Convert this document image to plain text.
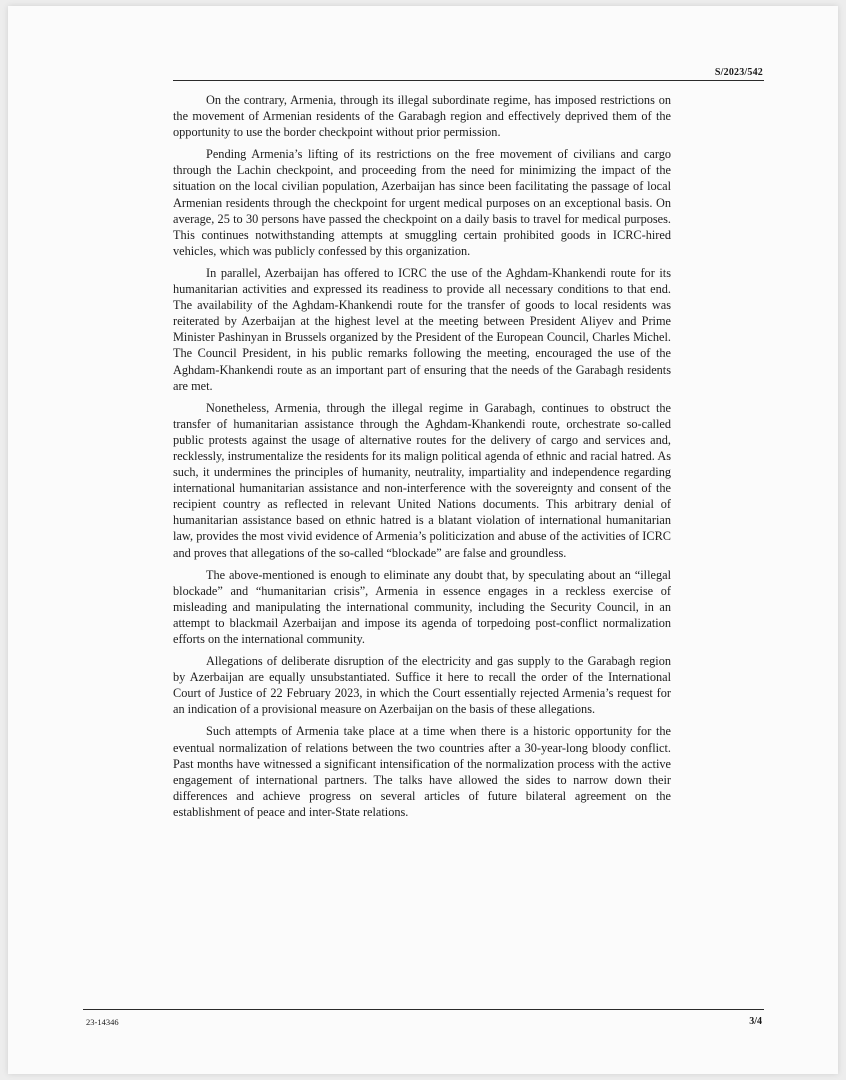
S/2023/542

On the contrary, Armenia, through its illegal subordinate regime, has imposed restrictions on the movement of Armenian residents of the Garabagh region and effectively deprived them of the opportunity to use the border checkpoint without prior permission.

Pending Armenia’s lifting of its restrictions on the free movement of civilians and cargo through the Lachin checkpoint, and proceeding from the need for minimizing the impact of the situation on the local civilian population, Azerbaijan has since been facilitating the passage of local Armenian residents through the checkpoint for urgent medical purposes on an exceptional basis. On average, 25 to 30 persons have passed the checkpoint on a daily basis to travel for medical purposes. This continues notwithstanding attempts at smuggling certain prohibited goods in ICRC-hired vehicles, which was publicly confessed by this organization.

In parallel, Azerbaijan has offered to ICRC the use of the Aghdam-Khankendi route for its humanitarian activities and expressed its readiness to provide all necessary conditions to that end. The availability of the Aghdam-Khankendi route for the transfer of goods to local residents was reiterated by Azerbaijan at the highest level at the meeting between President Aliyev and Prime Minister Pashinyan in Brussels organized by the President of the European Council, Charles Michel. The Council President, in his public remarks following the meeting, encouraged the use of the Aghdam-Khankendi route as an important part of ensuring that the needs of the Garabagh residents are met.

Nonetheless, Armenia, through the illegal regime in Garabagh, continues to obstruct the transfer of humanitarian assistance through the Aghdam-Khankendi route, orchestrate so-called public protests against the usage of alternative routes for the delivery of cargo and services and, recklessly, instrumentalize the residents for its malign political agenda of ethnic and racial hatred. As such, it undermines the principles of humanity, neutrality, impartiality and independence regarding international humanitarian assistance and non-interference with the sovereignty and consent of the recipient country as reflected in relevant United Nations documents. This arbitrary denial of humanitarian assistance based on ethnic hatred is a blatant violation of international humanitarian law, provides the most vivid evidence of Armenia’s politicization and abuse of the activities of ICRC and proves that allegations of the so-called “blockade” are false and groundless.

The above-mentioned is enough to eliminate any doubt that, by speculating about an “illegal blockade” and “humanitarian crisis”, Armenia in essence engages in a reckless exercise of misleading and manipulating the international community, including the Security Council, in an attempt to blackmail Azerbaijan and impose its agenda of torpedoing post-conflict normalization efforts on the international community.

Allegations of deliberate disruption of the electricity and gas supply to the Garabagh region by Azerbaijan are equally unsubstantiated. Suffice it here to recall the order of the International Court of Justice of 22 February 2023, in which the Court essentially rejected Armenia’s request for an indication of a provisional measure on Azerbaijan on the basis of these allegations.

Such attempts of Armenia take place at a time when there is a historic opportunity for the eventual normalization of relations between the two countries after a 30-year-long bloody conflict. Past months have witnessed a significant intensification of the normalization process with the active engagement of international partners. The talks have allowed the sides to narrow down their differences and achieve progress on several articles of future bilateral agreement on the establishment of peace and inter-State relations.

23-14346	3/4
